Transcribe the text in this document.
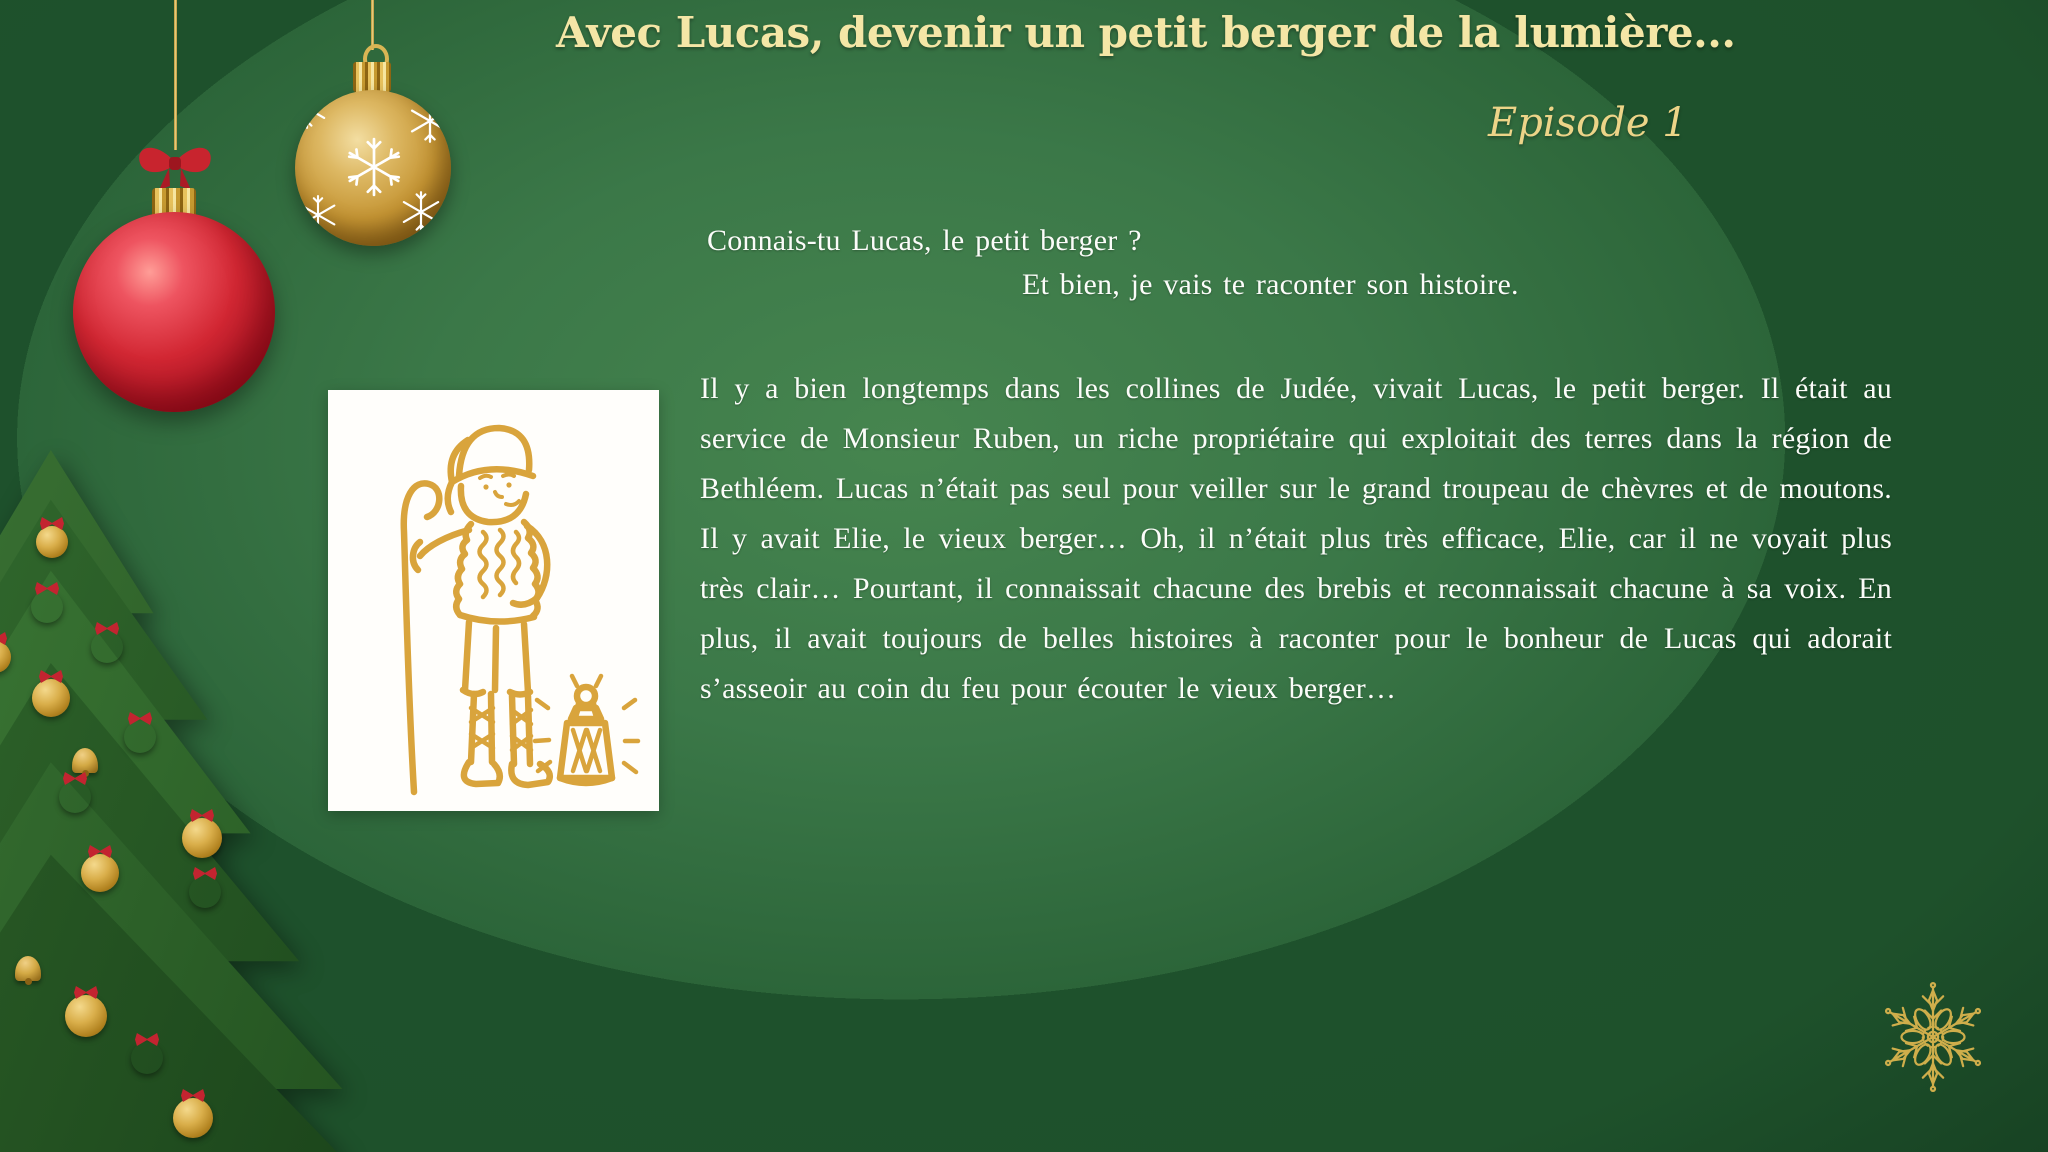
Avec Lucas, devenir un petit berger de la lumière...
Episode 1
Connais-tu Lucas, le petit berger ?
Et bien, je vais te raconter son histoire.
Il y a bien longtemps dans les collines de Judée, vivait Lucas, le petit berger. Il était au service de Monsieur Ruben, un riche propriétaire qui exploitait des terres dans la région de Bethléem. Lucas n’était pas seul pour veiller sur le grand troupeau de chèvres et de moutons. Il y avait Elie, le vieux berger… Oh, il n’était plus très efficace, Elie, car il ne voyait plus très clair… Pourtant, il connaissait chacune des brebis et reconnaissait chacune à sa voix. En plus, il avait toujours de belles histoires à raconter pour le bonheur de Lucas qui adorait s’asseoir au coin du feu pour écouter le vieux berger…
